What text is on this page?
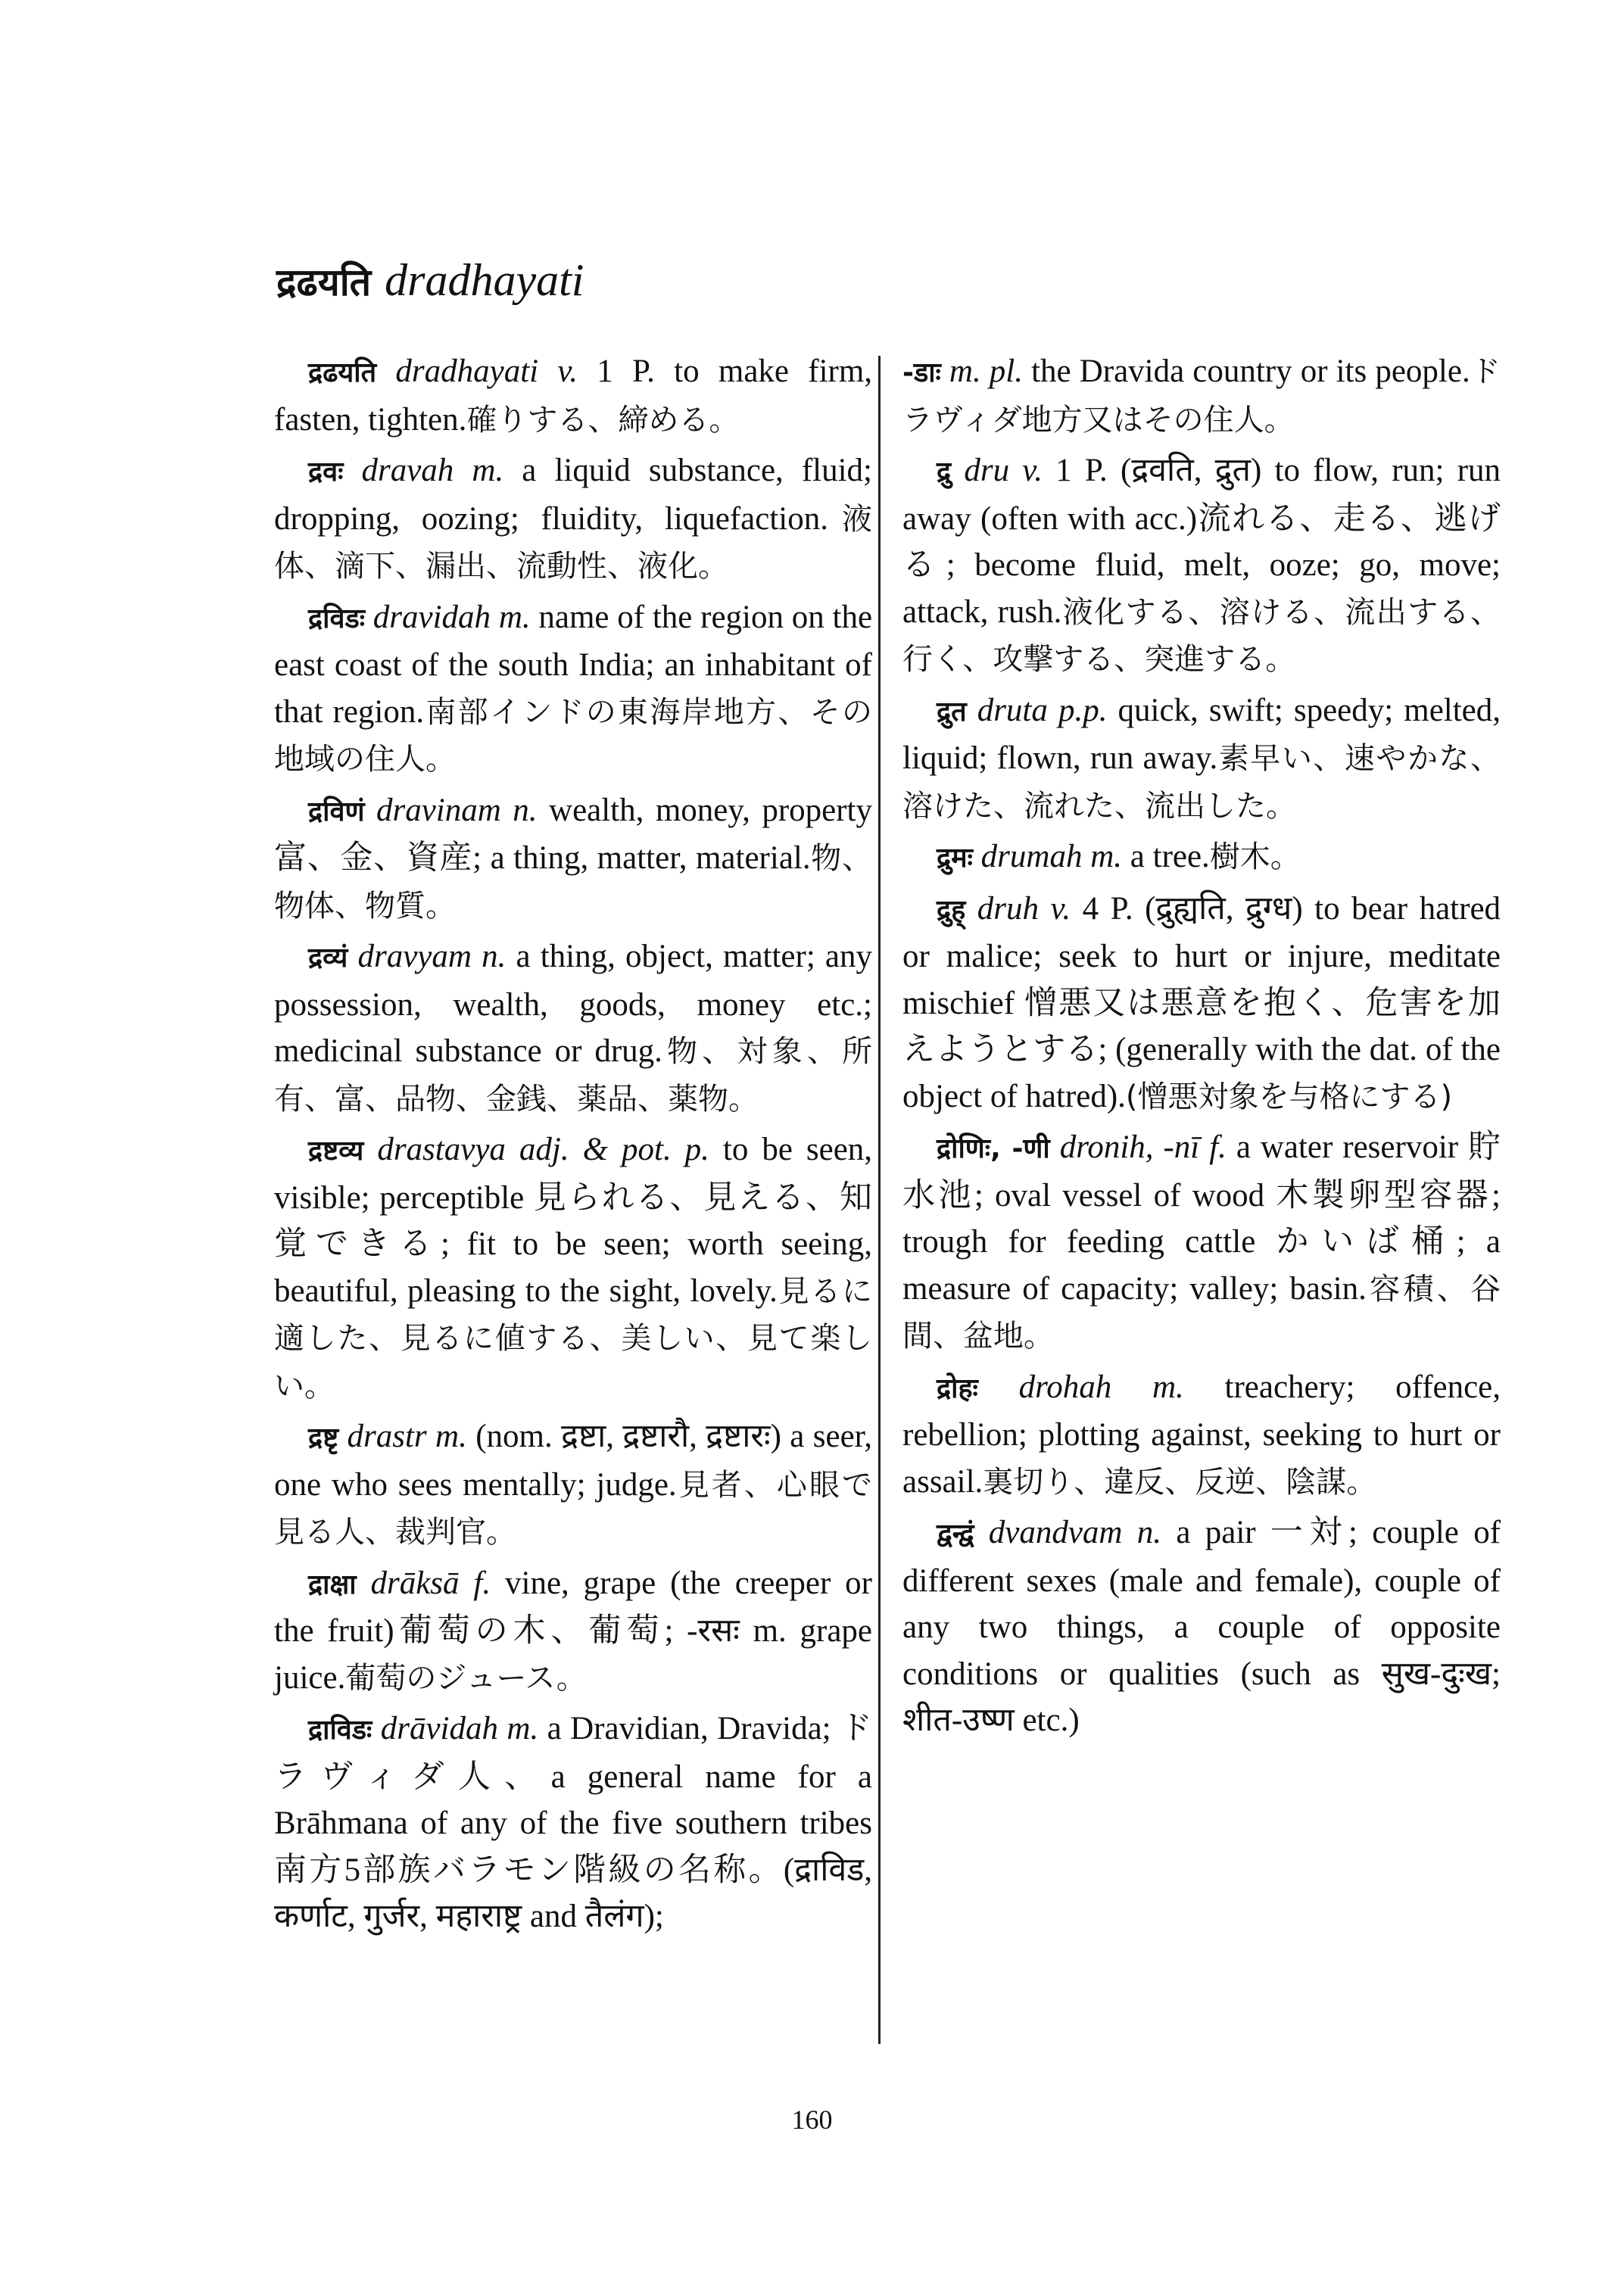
द्रढयति dradhayati

द्रढयति dradhayati v. 1 P. to make firm, fasten, tighten.確りする、締める。

द्रवः dravah m. a liquid substance, fluid; dropping, oozing; fluidity, liquefaction.液体、滴下、漏出、流動性、液化。

द्रविडः dravidah m. name of the region on the east coast of the south India; an inhabitant of that region.南部インドの東海岸地方、その地域の住人。

द्रविणं dravinam n. wealth, money, property 富、金、資産; a thing, matter, material.物、物体、物質。

द्रव्यं dravyam n. a thing, object, matter; any possession, wealth, goods, money etc.; medicinal substance or drug.物、対象、所有、富、品物、金銭、薬品、薬物。

द्रष्टव्य drastavya adj. & pot. p. to be seen, visible; perceptible 見られる、見える、知覚できる; fit to be seen; worth seeing, beautiful, pleasing to the sight, lovely.見るに適した、見るに値する、美しい、見て楽しい。

द्रष्टृ drastr m. (nom. द्रष्टा, द्रष्टारौ, द्रष्टारः) a seer, one who sees mentally; judge.見者、心眼で見る人、裁判官。

द्राक्षा drāksā f. vine, grape (the creeper or the fruit)葡萄の木、葡萄; -रसः m. grape juice.葡萄のジュース。

द्राविडः drāvidah m. a Dravidian, Dravida; ドラヴィダ人、a general name for a Brāhmana of any of the five southern tribes 南方5部族バラモン階級の名称。(द्राविड, कर्णाट, गुर्जर, महाराष्ट्र and तैलंग);

-डाः m. pl. the Dravida country or its people.ドラヴィダ地方又はその住人。

द्रु dru v. 1 P. (द्रवति, द्रुत) to flow, run; run away (often with acc.)流れる、走る、逃げる; become fluid, melt, ooze; go, move; attack, rush.液化する、溶ける、流出する、行く、攻撃する、突進する。

द्रुत druta p.p. quick, swift; speedy; melted, liquid; flown, run away.素早い、速やかな、溶けた、流れた、流出した。

द्रुमः drumah m. a tree.樹木。

द्रुह् druh v. 4 P. (द्रुह्यति, द्रुग्ध) to bear hatred or malice; seek to hurt or injure, meditate mischief 憎悪又は悪意を抱く、危害を加えようとする; (generally with the dat. of the object of hatred).(憎悪対象を与格にする)

द्रोणिः, -णी dronih, -nī f. a water reservoir 貯水池; oval vessel of wood 木製卵型容器; trough for feeding cattle かいば桶; a measure of capacity; valley; basin.容積、谷間、盆地。

द्रोहः drohah m. treachery; offence, rebellion; plotting against, seeking to hurt or assail.裏切り、違反、反逆、陰謀。

द्वन्द्वं dvandvam n. a pair 一対; couple of different sexes (male and female), couple of any two things, a couple of opposite conditions or qualities (such as सुख-दुःख; शीत-उष्ण etc.)

160
